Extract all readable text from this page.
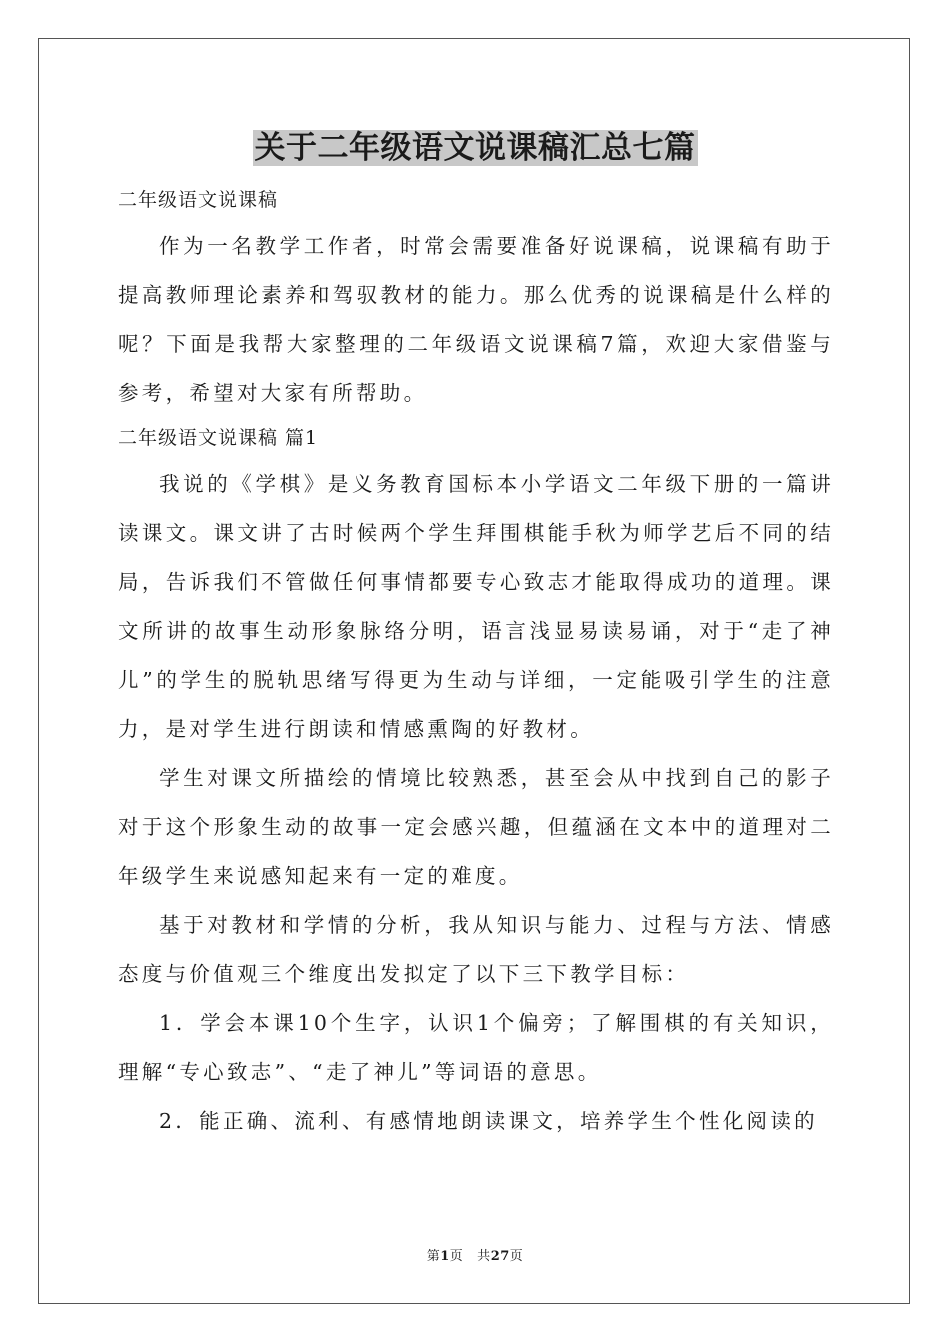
关于二年级语文说课稿汇总七篇

二年级语文说课稿

作为一名教学工作者，时常会需要准备好说课稿，说课稿有助于提高教师理论素养和驾驭教材的能力。那么优秀的说课稿是什么样的呢？下面是我帮大家整理的二年级语文说课稿7篇，欢迎大家借鉴与参考，希望对大家有所帮助。

二年级语文说课稿 篇1

我说的《学棋》是义务教育国标本小学语文二年级下册的一篇讲读课文。课文讲了古时候两个学生拜围棋能手秋为师学艺后不同的结局，告诉我们不管做任何事情都要专心致志才能取得成功的道理。课文所讲的故事生动形象脉络分明，语言浅显易读易诵，对于“走了神儿”的学生的脱轨思绪写得更为生动与详细，一定能吸引学生的注意力，是对学生进行朗读和情感熏陶的好教材。

学生对课文所描绘的情境比较熟悉，甚至会从中找到自己的影子对于这个形象生动的故事一定会感兴趣，但蕴涵在文本中的道理对二年级学生来说感知起来有一定的难度。

基于对教材和学情的分析，我从知识与能力、过程与方法、情感态度与价值观三个维度出发拟定了以下三下教学目标：

1．学会本课10个生字，认识1个偏旁；了解围棋的有关知识，理解“专心致志”、“走了神儿”等词语的意思。

2．能正确、流利、有感情地朗读课文，培养学生个性化阅读的

第1页 共27页
